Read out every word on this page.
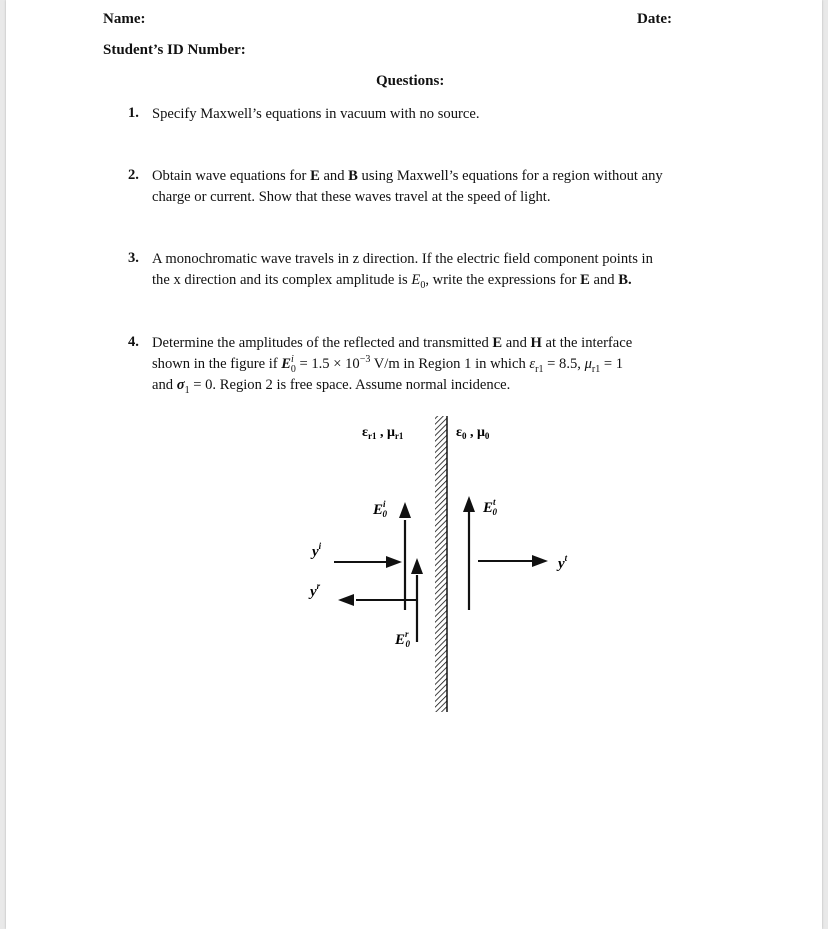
Name:	Date:
Student’s ID Number:
Questions:
1. Specify Maxwell’s equations in vacuum with no source.
2. Obtain wave equations for E and B using Maxwell’s equations for a region without any
charge or current. Show that these waves travel at the speed of light.
3. A monochromatic wave travels in z direction. If the electric field component points in
the x direction and its complex amplitude is $E_0$, write the expressions for E and B.
4. Determine the amplitudes of the reflected and transmitted E and H at the interface
shown in the figure if $E^i_0 = 1.5 \times 10^{-3}$ V/m in Region 1 in which $\varepsilon_{r1} = 8.5$, $\mu_{r1} = 1$
and $\sigma_1 = 0$. Region 2 is free space. Assume normal incidence.
$\varepsilon_{r1}$ , $\mu_{r1}$	$\varepsilon_0$ , $\mu_0$
$E^i$ 0
$E^r$ 0
$E^t$ 0
$y^i$
$y^r$
$y^t$
